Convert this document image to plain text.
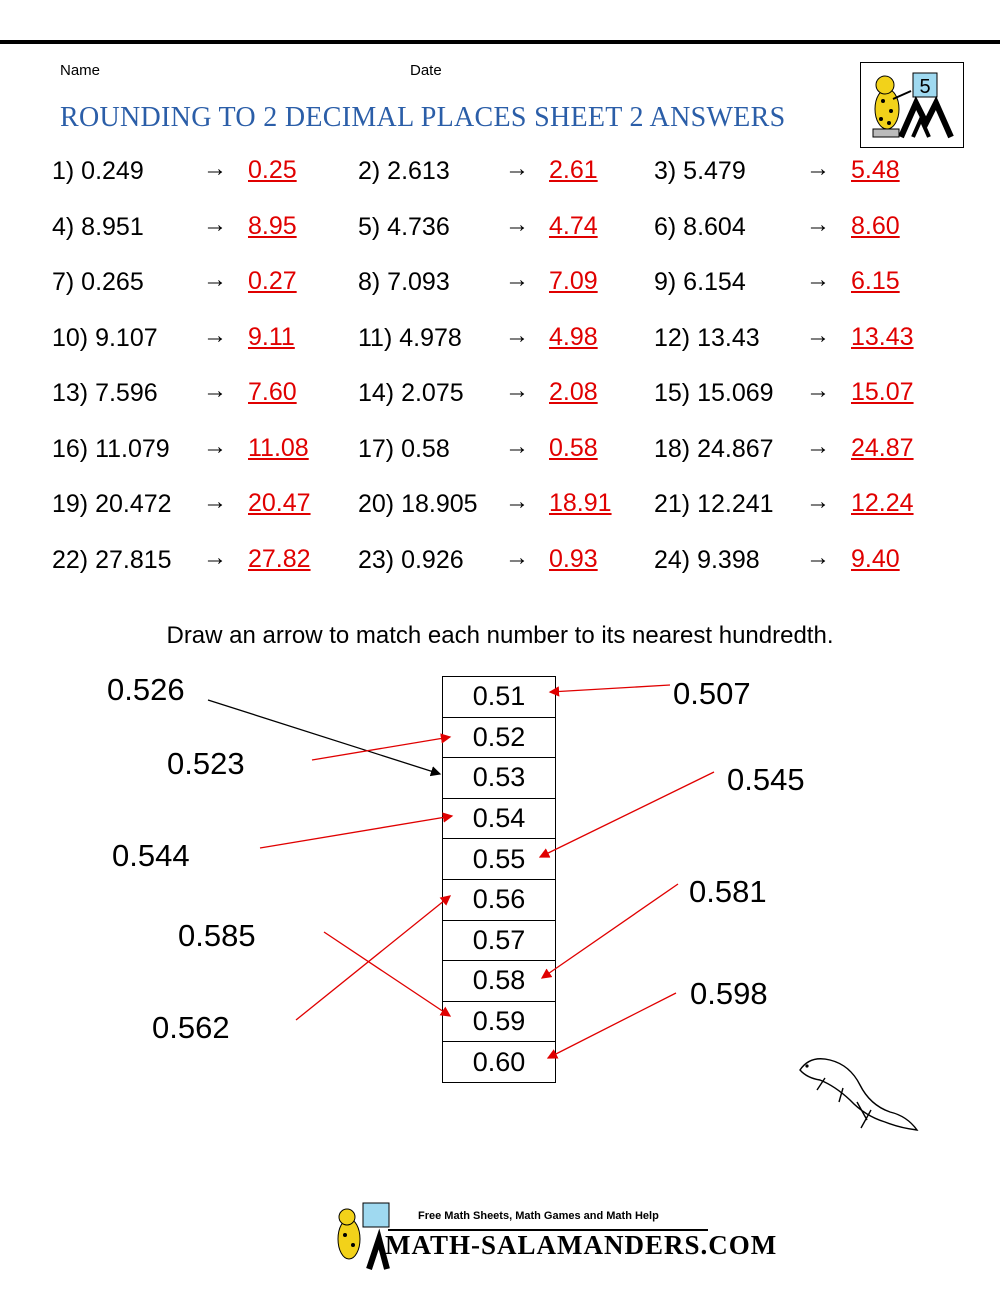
Name	Date
ROUNDING TO 2 DECIMAL PLACES SHEET 2 ANSWERS
5
1) 0.249 → 0.25 2) 2.613 → 2.61 3) 5.479	→ 5.48
4) 8.951 → 8.95 5) 4.736 → 4.74 6) 8.604	→ 8.60
7) 0.265 → 0.27 8) 7.093 → 7.09 9) 6.154	→ 6.15
10) 9.107 → 9.11	11) 4.978 → 4.98 12) 13.43 → 13.43
13) 7.596 → 7.60 14) 2.075 → 2.08 15) 15.069 → 15.07
16) 11.079 → 11.08 17) 0.58 → 0.58 18) 24.867 → 24.87
19) 20.472 → 20.47 20) 18.905 → 18.91 21) 12.241 → 12.24
22) 27.815 → 27.82 23) 0.926 → 0.93 24) 9.398 → 9.40
Draw an arrow to match each number to its nearest hundredth.
0.51
0.52
0.53
0.54
0.55
0.56
0.57
0.58
0.59
0.60
0.526
0.523
0.544
0.585
0.562
0.507
0.545
0.581
0.598
Free Math Sheets, Math Games and Math Help
MATH-SALAMANDERS.COM
